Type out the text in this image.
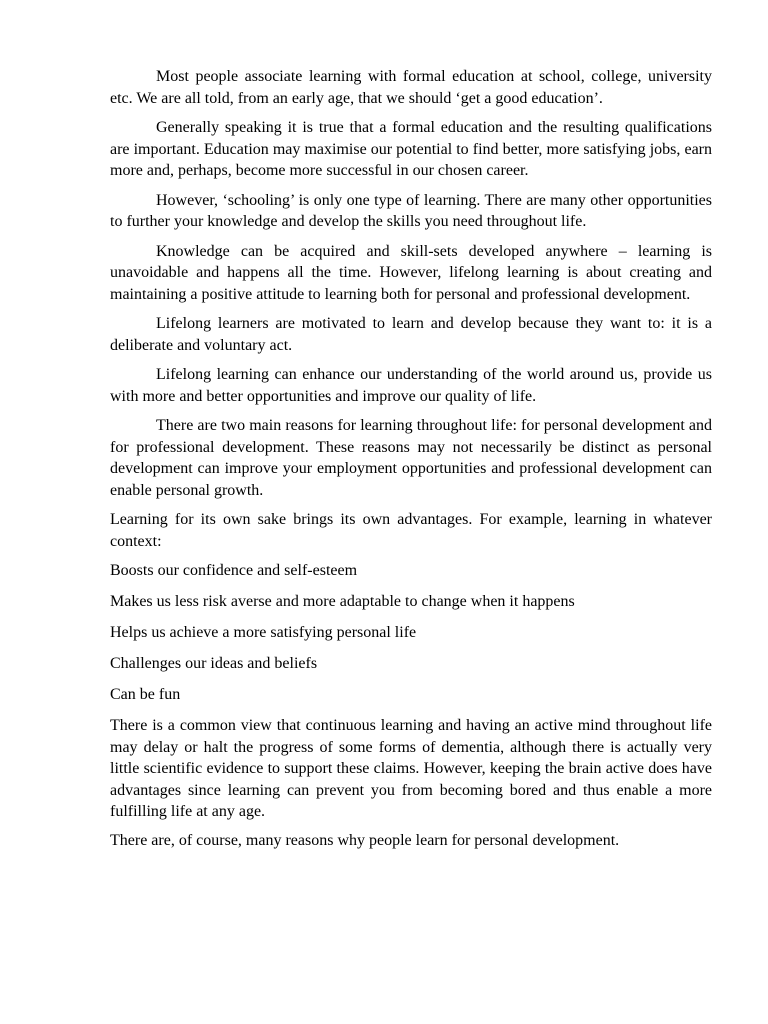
Most people associate learning with formal education at school, college, university etc. We are all told, from an early age, that we should ‘get a good education’.

Generally speaking it is true that a formal education and the resulting qualifications are important. Education may maximise our potential to find better, more satisfying jobs, earn more and, perhaps, become more successful in our chosen career.

However, ‘schooling’ is only one type of learning. There are many other opportunities to further your knowledge and develop the skills you need throughout life.

Knowledge can be acquired and skill-sets developed anywhere – learning is unavoidable and happens all the time. However, lifelong learning is about creating and maintaining a positive attitude to learning both for personal and professional development.

Lifelong learners are motivated to learn and develop because they want to: it is a deliberate and voluntary act.

Lifelong learning can enhance our understanding of the world around us, provide us with more and better opportunities and improve our quality of life.

There are two main reasons for learning throughout life: for personal development and for professional development. These reasons may not necessarily be distinct as personal development can improve your employment opportunities and professional development can enable personal growth.

Learning for its own sake brings its own advantages. For example, learning in whatever context:

Boosts our confidence and self-esteem
Makes us less risk averse and more adaptable to change when it happens
Helps us achieve a more satisfying personal life
Challenges our ideas and beliefs
Can be fun

There is a common view that continuous learning and having an active mind throughout life may delay or halt the progress of some forms of dementia, although there is actually very little scientific evidence to support these claims. However, keeping the brain active does have advantages since learning can prevent you from becoming bored and thus enable a more fulfilling life at any age.

There are, of course, many reasons why people learn for personal development.
